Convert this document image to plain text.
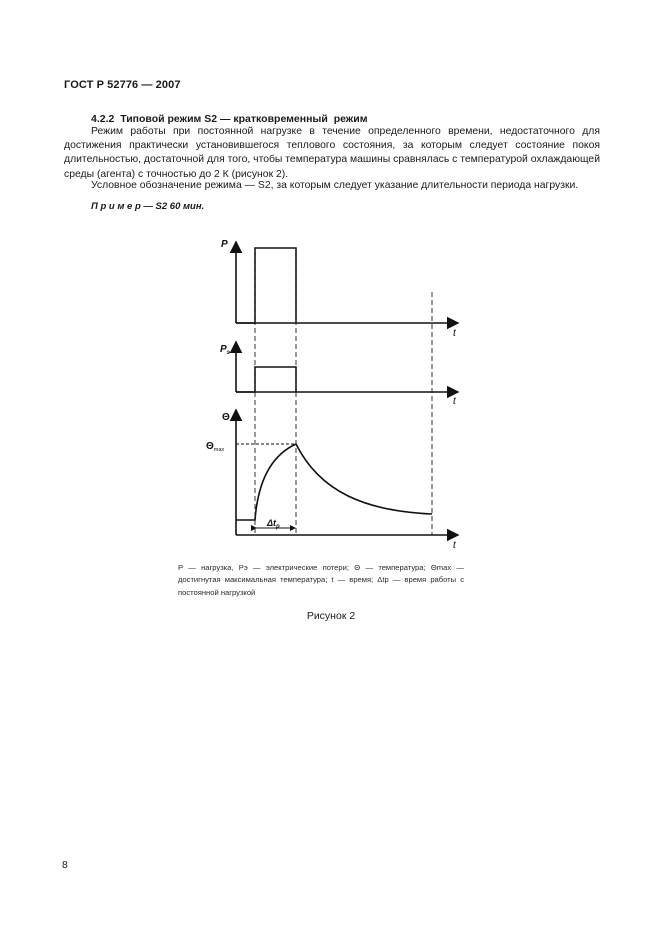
ГОСТ Р 52776 — 2007
4.2.2  Типовой режим S2 — кратковременный  режим
Режим работы при постоянной нагрузке в течение определенного времени, недостаточного для достижения практически установившегося теплового состояния, за которым следует состояние покоя длительностью, достаточной для того, чтобы температура машины сравнялась с температурой охлаждающей среды (агента) с точностью до 2 К (рисунок 2).
Условное обозначение режима — S2, за которым следует указание длительности периода нагрузки.
П р и м е р — S2 60 мин.
P
t
$P_э$
t
Θ
$\Theta_{max}$
$\Delta t_p$
t
P — нагрузка, Pэ — электрические потери; Θ — температура; Θmax — достигнутая максимальная температура; t — время; Δtр — время работы с постоянной нагрузкой
Рисунок 2
8
